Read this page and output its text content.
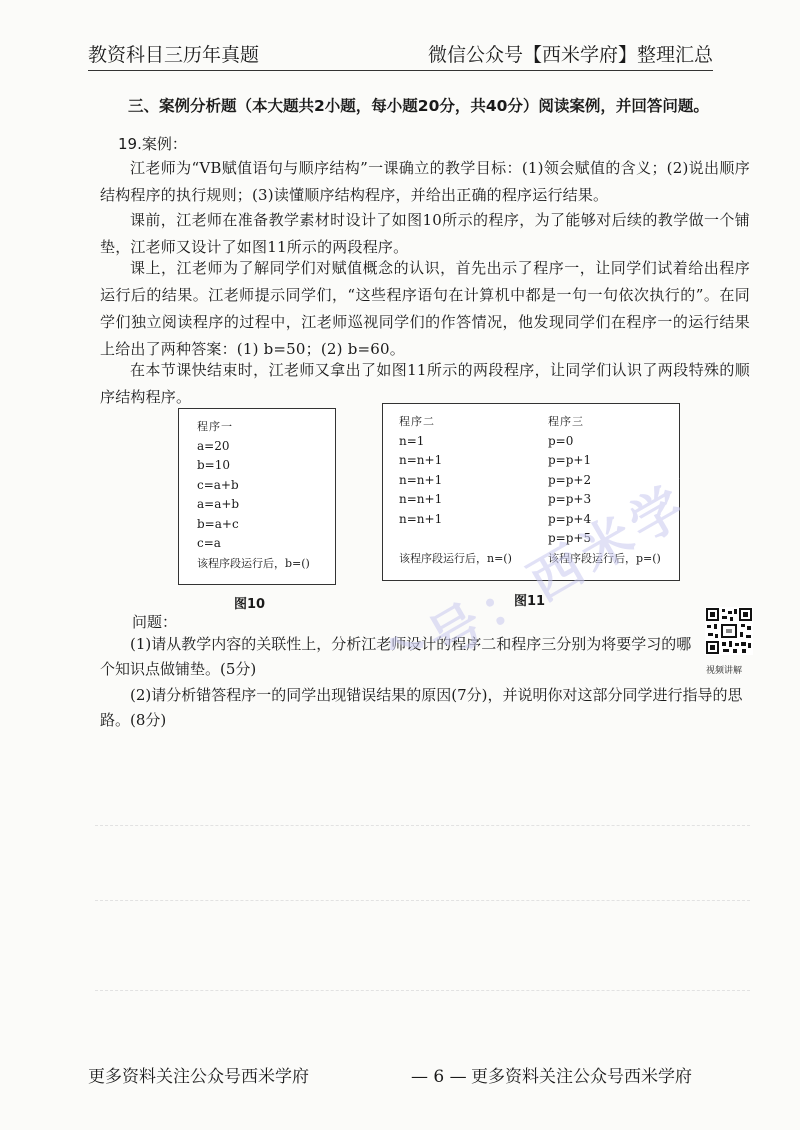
教资科目三历年真题	微信公众号【西米学府】整理汇总
三、案例分析题（本大题共2小题，每小题20分，共40分）阅读案例，并回答问题。
19.案例：
江老师为“VB赋值语句与顺序结构”一课确立的教学目标：(1)领会赋值的含义；(2)说出顺序结构程序的执行规则；(3)读懂顺序结构程序，并给出正确的程序运行结果。
课前，江老师在准备教学素材时设计了如图10所示的程序，为了能够对后续的教学做一个铺垫，江老师又设计了如图11所示的两段程序。
课上，江老师为了解同学们对赋值概念的认识，首先出示了程序一，让同学们试着给出程序运行后的结果。江老师提示同学们，“这些程序语句在计算机中都是一句一句依次执行的”。在同学们独立阅读程序的过程中，江老师巡视同学们的作答情况，他发现同学们在程序一的运行结果上给出了两种答案：(1) b=50；(2) b=60。
在本节课快结束时，江老师又拿出了如图11所示的两段程序，让同学们认识了两段特殊的顺序结构程序。
程序一
a=20
b=10
c=a+b
a=a+b
b=a+c
c=a
该程序段运行后，b=()
图10
程序二
n=1
n=n+1
n=n+1
n=n+1
n=n+1
该程序段运行后，n=()
程序三
p=0
p=p+1
p=p+2
p=p+3
p=p+4
p=p+5
该程序段运行后，p=()
图11
问题：
(1)请从教学内容的关联性上，分析江老师设计的程序二和程序三分别为将要学习的哪个知识点做铺垫。(5分)
(2)请分析错答程序一的同学出现错误结果的原因(7分)，并说明你对这部分同学进行指导的思路。(8分)
视频讲解
更多资料关注公众号西米学府	— 6 — 更多资料关注公众号西米学府
